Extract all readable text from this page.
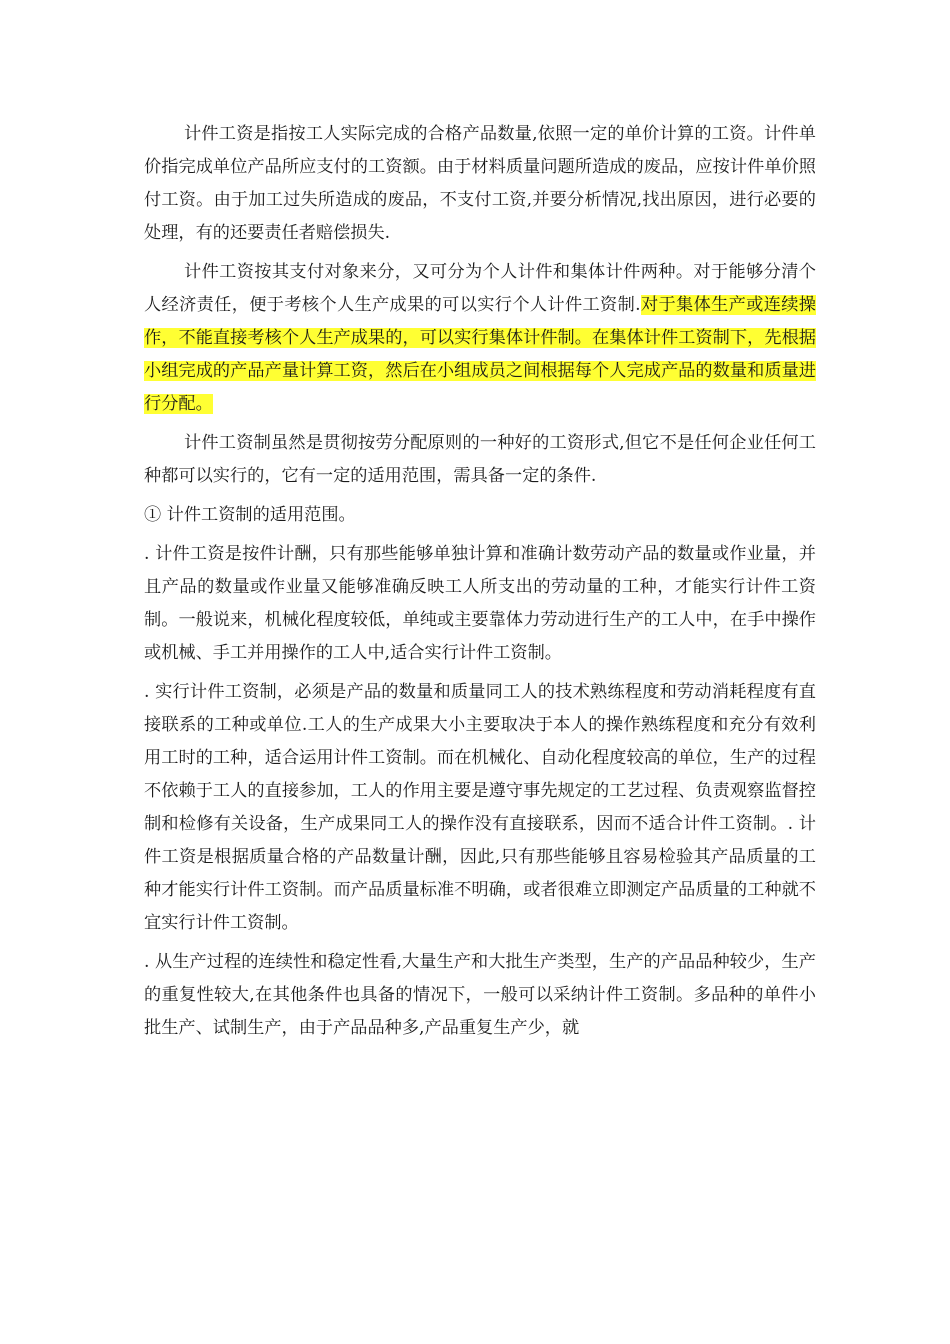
计件工资是指按工人实际完成的合格产品数量,依照一定的单价计算的工资。计件单价指完成单位产品所应支付的工资额。由于材料质量问题所造成的废品，应按计件单价照付工资。由于加工过失所造成的废品，不支付工资,并要分析情况,找出原因，进行必要的处理，有的还要责任者赔偿损失.

计件工资按其支付对象来分，又可分为个人计件和集体计件两种。对于能够分清个人经济责任，便于考核个人生产成果的可以实行个人计件工资制.对于集体生产或连续操作，不能直接考核个人生产成果的，可以实行集体计件制。在集体计件工资制下，先根据小组完成的产品产量计算工资，然后在小组成员之间根据每个人完成产品的数量和质量进行分配。

计件工资制虽然是贯彻按劳分配原则的一种好的工资形式,但它不是任何企业任何工种都可以实行的，它有一定的适用范围，需具备一定的条件.

① 计件工资制的适用范围。

. 计件工资是按件计酬，只有那些能够单独计算和准确计数劳动产品的数量或作业量，并且产品的数量或作业量又能够准确反映工人所支出的劳动量的工种，才能实行计件工资制。一般说来，机械化程度较低，单纯或主要靠体力劳动进行生产的工人中，在手中操作或机械、手工并用操作的工人中,适合实行计件工资制。

. 实行计件工资制，必须是产品的数量和质量同工人的技术熟练程度和劳动消耗程度有直接联系的工种或单位.工人的生产成果大小主要取决于本人的操作熟练程度和充分有效利用工时的工种，适合运用计件工资制。而在机械化、自动化程度较高的单位，生产的过程不依赖于工人的直接参加，工人的作用主要是遵守事先规定的工艺过程、负责观察监督控制和检修有关设备，生产成果同工人的操作没有直接联系，因而不适合计件工资制。. 计件工资是根据质量合格的产品数量计酬，因此,只有那些能够且容易检验其产品质量的工种才能实行计件工资制。而产品质量标准不明确，或者很难立即测定产品质量的工种就不宜实行计件工资制。

. 从生产过程的连续性和稳定性看,大量生产和大批生产类型，生产的产品品种较少，生产的重复性较大,在其他条件也具备的情况下，一般可以采纳计件工资制。多品种的单件小批生产、试制生产，由于产品品种多,产品重复生产少，就
